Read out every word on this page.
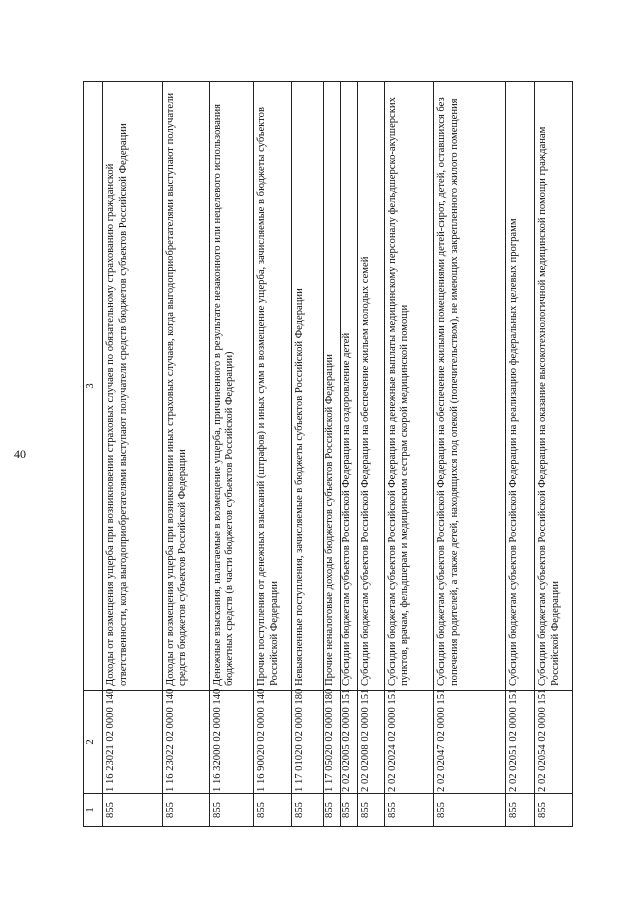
40
1	2	3
855	1 16 23021 02 0000 140	Доходы от возмещения ущерба при возникновении страховых случаев по обязательному страхованию гражданской ответственности, когда выгодоприобретателями выступают получатели средств бюджетов субъектов Российской Федерации
855	1 16 23022 02 0000 140	Доходы от возмещения ущерба при возникновении иных страховых случаев, когда выгодоприобретателями выступают получатели средств бюджетов субъектов Российской Федерации
855	1 16 32000 02 0000 140	Денежные взыскания, налагаемые в возмещение ущерба, причиненного в результате незаконного или нецелевого использования бюджетных средств (в части бюджетов субъектов Российской Федерации)
855	1 16 90020 02 0000 140	Прочие поступления от денежных взысканий (штрафов) и иных сумм в возмещение ущерба, зачисляемые в бюджеты субъектов Российской Федерации
855	1 17 01020 02 0000 180	Невыясненные поступления, зачисляемые в бюджеты субъектов Российской Федерации
855	1 17 05020 02 0000 180	Прочие неналоговые доходы бюджетов субъектов Российской Федерации
855	2 02 02005 02 0000 151	Субсидии бюджетам субъектов Российской Федерации на оздоровление детей
855	2 02 02008 02 0000 151	Субсидии бюджетам субъектов Российской Федерации на обеспечение жильем молодых семей
855	2 02 02024 02 0000 151	Субсидии бюджетам субъектов Российской Федерации на денежные выплаты медицинскому персоналу фельдшерско-акушерских пунктов, врачам, фельдшерам и медицинским сестрам скорой медицинской помощи
855	2 02 02047 02 0000 151	Субсидии бюджетам субъектов Российской Федерации на обеспечение жилыми помещениями детей-сирот, детей, оставшихся без попечения родителей, а также детей, находящихся под опекой (попечительством), не имеющих закрепленного жилого помещения
855	2 02 02051 02 0000 151	Субсидии бюджетам субъектов Российской Федерации на реализацию федеральных целевых программ
855	2 02 02054 02 0000 151	Субсидии бюджетам субъектов Российской Федерации на оказание высокотехнологичной медицинской помощи гражданам Российской Федерации
